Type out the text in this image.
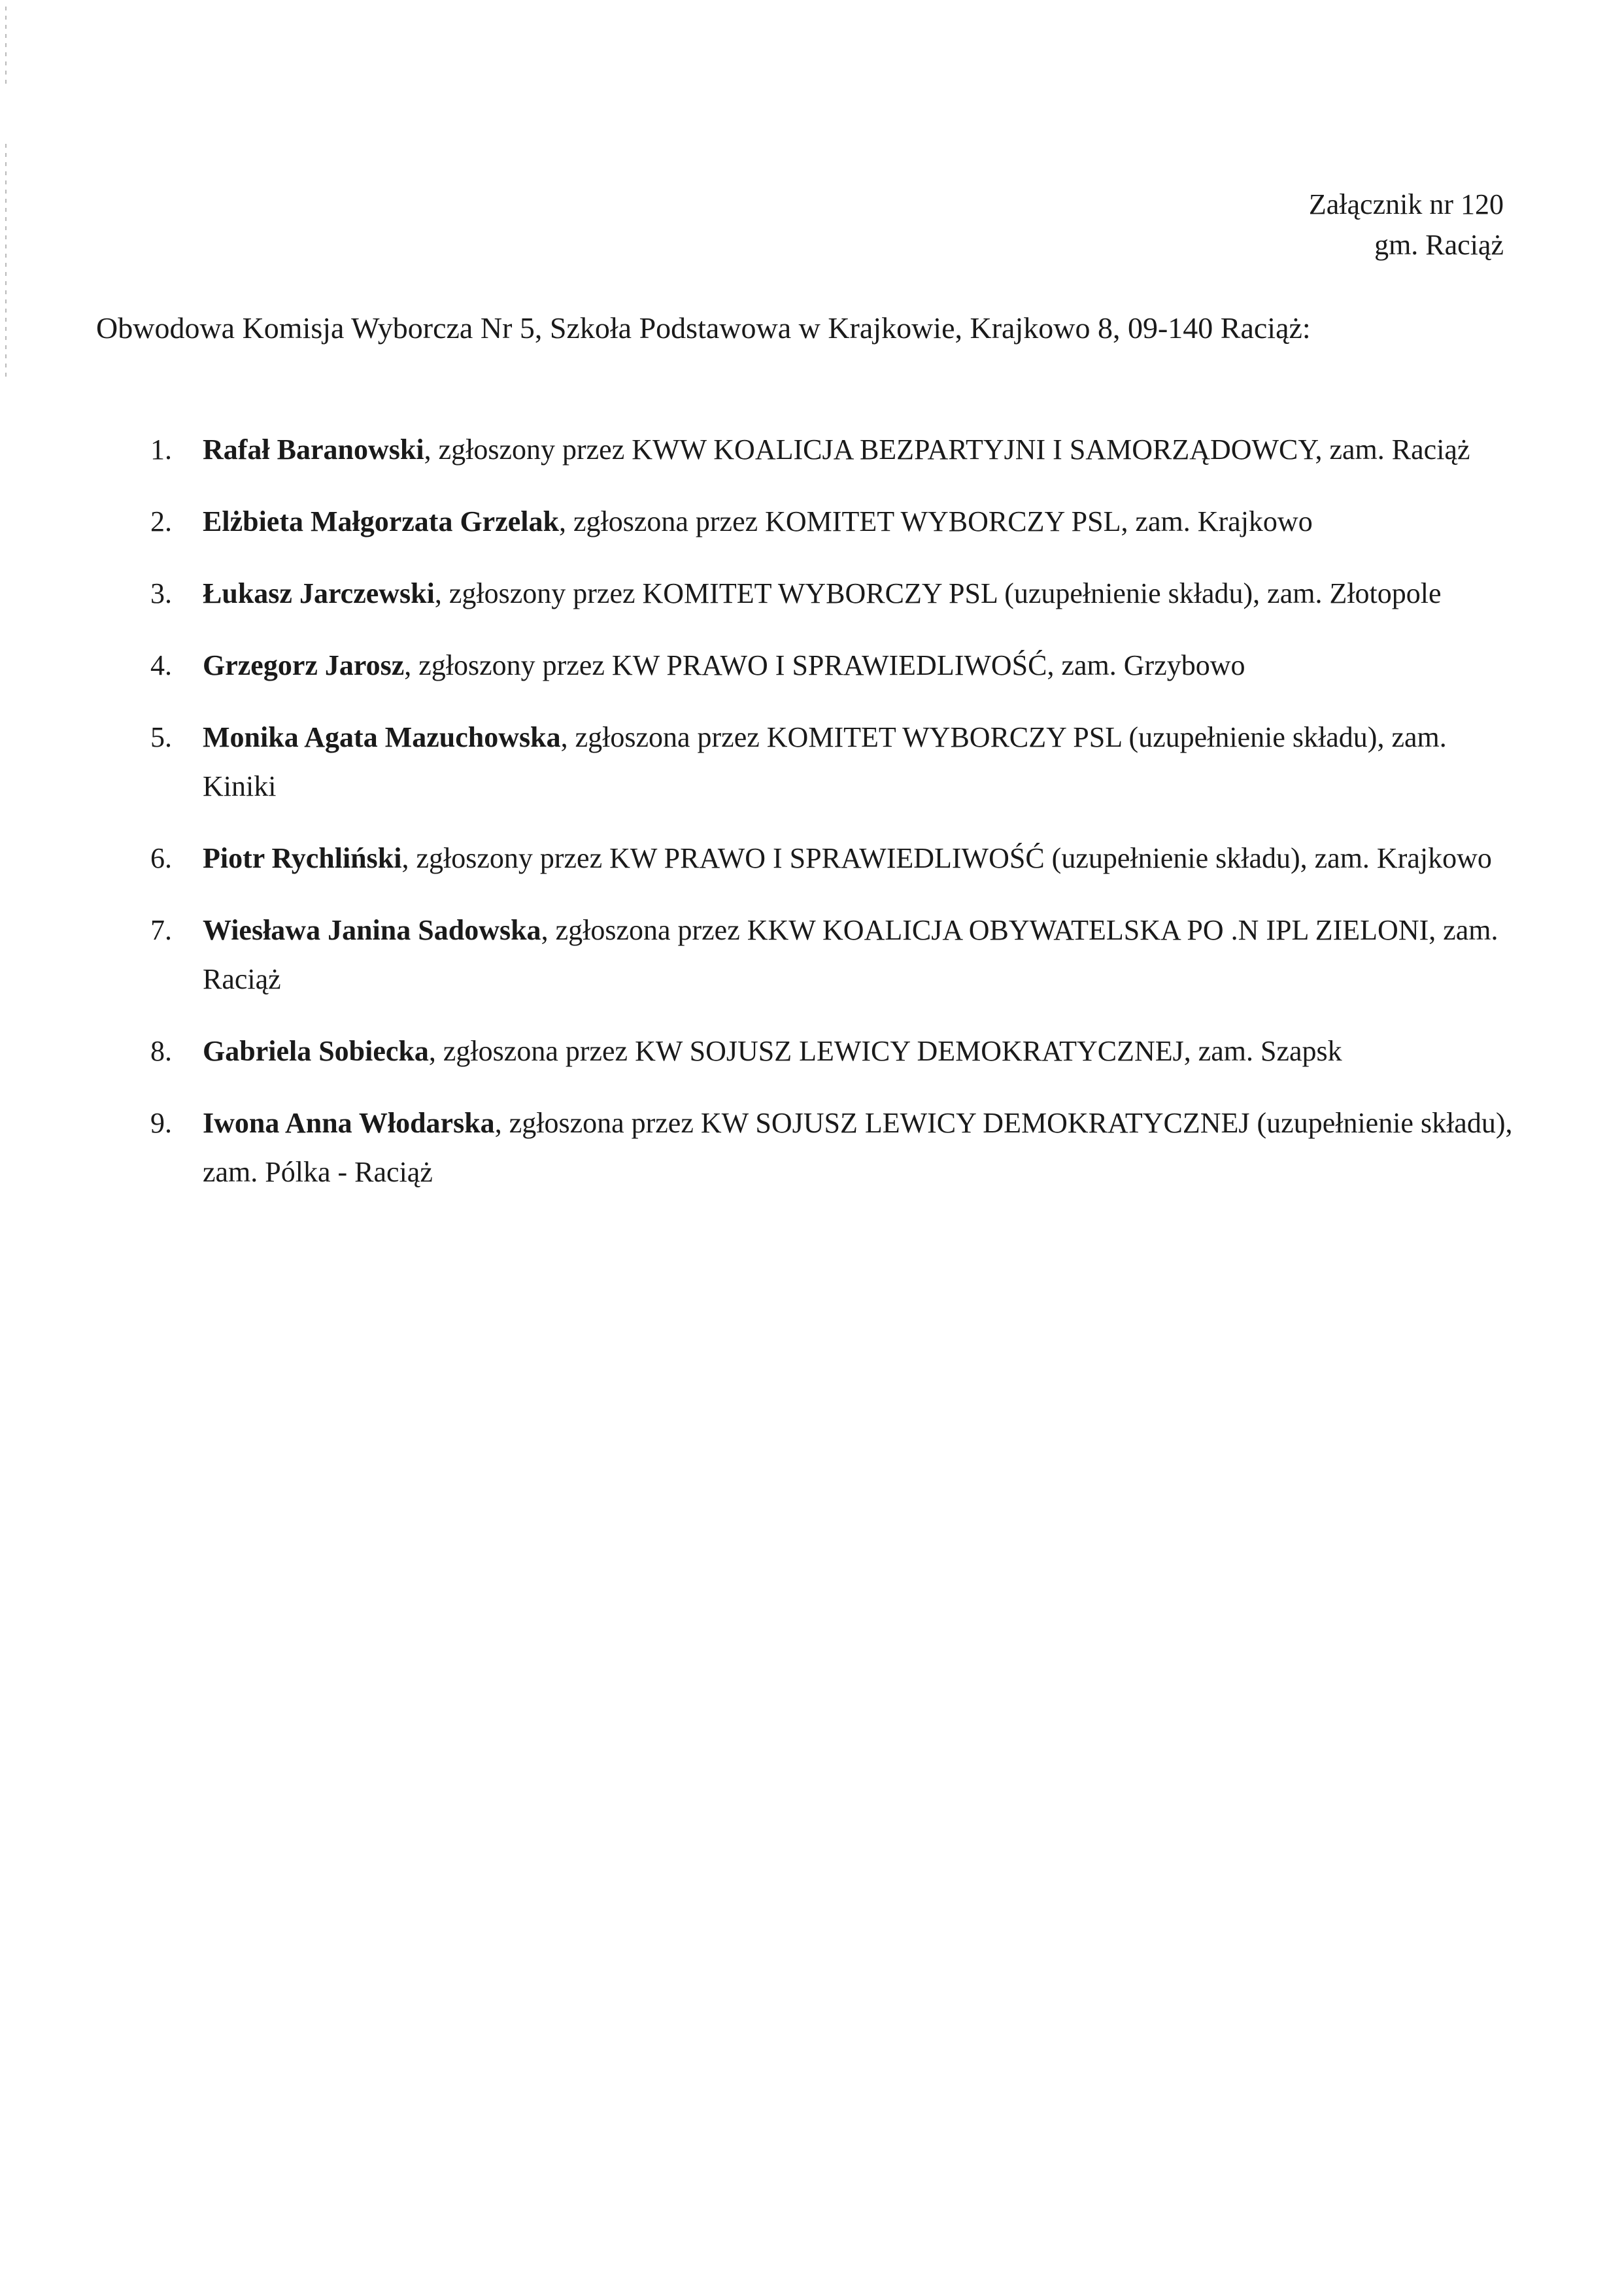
Załącznik nr 120
gm. Raciąż
Obwodowa Komisja Wyborcza Nr 5, Szkoła Podstawowa w Krajkowie, Krajkowo 8, 09-140 Raciąż:
1.	Rafał Baranowski, zgłoszony przez KWW KOALICJA BEZPARTYJNI I SAMORZĄDOWCY, zam. Raciąż
2.	Elżbieta Małgorzata Grzelak, zgłoszona przez KOMITET WYBORCZY PSL, zam. Krajkowo
3.	Łukasz Jarczewski, zgłoszony przez KOMITET WYBORCZY PSL (uzupełnienie składu), zam. Złotopole
4.	Grzegorz Jarosz, zgłoszony przez KW PRAWO I SPRAWIEDLIWOŚĆ, zam. Grzybowo
5.	Monika Agata Mazuchowska, zgłoszona przez KOMITET WYBORCZY PSL (uzupełnienie składu), zam. Kiniki
6.	Piotr Rychliński, zgłoszony przez KW PRAWO I SPRAWIEDLIWOŚĆ (uzupełnienie składu), zam. Krajkowo
7.	Wiesława Janina Sadowska, zgłoszona przez KKW KOALICJA OBYWATELSKA PO .N IPL ZIELONI, zam. Raciąż
8.	Gabriela Sobiecka, zgłoszona przez KW SOJUSZ LEWICY DEMOKRATYCZNEJ, zam. Szapsk
9.	Iwona Anna Włodarska, zgłoszona przez KW SOJUSZ LEWICY DEMOKRATYCZNEJ (uzupełnienie składu), zam. Pólka - Raciąż
